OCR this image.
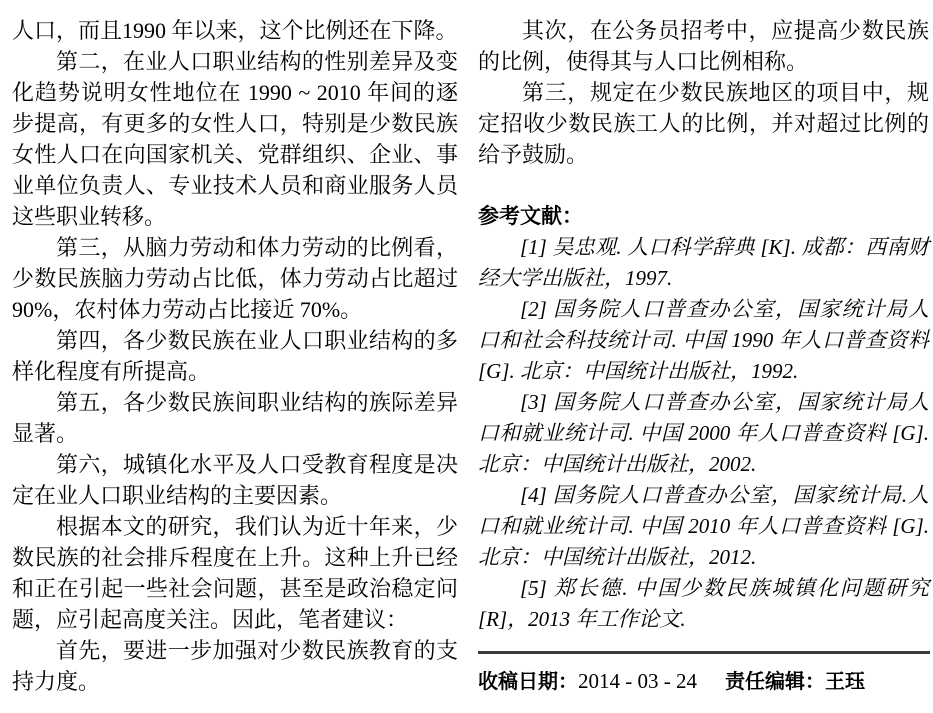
人口，而且1990 年以来，这个比例还在下降。

第二，在业人口职业结构的性别差异及变化趋势说明女性地位在 1990 ~ 2010 年间的逐步提高，有更多的女性人口，特别是少数民族女性人口在向国家机关、党群组织、企业、事业单位负责人、专业技术人员和商业服务人员这些职业转移。

第三，从脑力劳动和体力劳动的比例看，少数民族脑力劳动占比低，体力劳动占比超过90%，农村体力劳动占比接近 70%。

第四，各少数民族在业人口职业结构的多样化程度有所提高。

第五，各少数民族间职业结构的族际差异显著。

第六，城镇化水平及人口受教育程度是决定在业人口职业结构的主要因素。

根据本文的研究，我们认为近十年来，少数民族的社会排斥程度在上升。这种上升已经和正在引起一些社会问题，甚至是政治稳定问题，应引起高度关注。因此，笔者建议：

首先，要进一步加强对少数民族教育的支持力度。

其次，在公务员招考中，应提高少数民族的比例，使得其与人口比例相称。

第三，规定在少数民族地区的项目中，规定招收少数民族工人的比例，并对超过比例的给予鼓励。

参考文献：

[1] 吴忠观. 人口科学辞典 [K]. 成都：西南财经大学出版社，1997.

[2] 国务院人口普查办公室，国家统计局人口和社会科技统计司. 中国 1990 年人口普查资料 [G]. 北京：中国统计出版社，1992.

[3] 国务院人口普查办公室，国家统计局人口和就业统计司. 中国 2000 年人口普查资料 [G]. 北京：中国统计出版社，2002.

[4] 国务院人口普查办公室，国家统计局.人口和就业统计司. 中国 2010 年人口普查资料 [G]. 北京：中国统计出版社，2012.

[5] 郑长德. 中国少数民族城镇化问题研究 [R]，2013 年工作论文.

收稿日期：2014 - 03 - 24 责任编辑：王珏
